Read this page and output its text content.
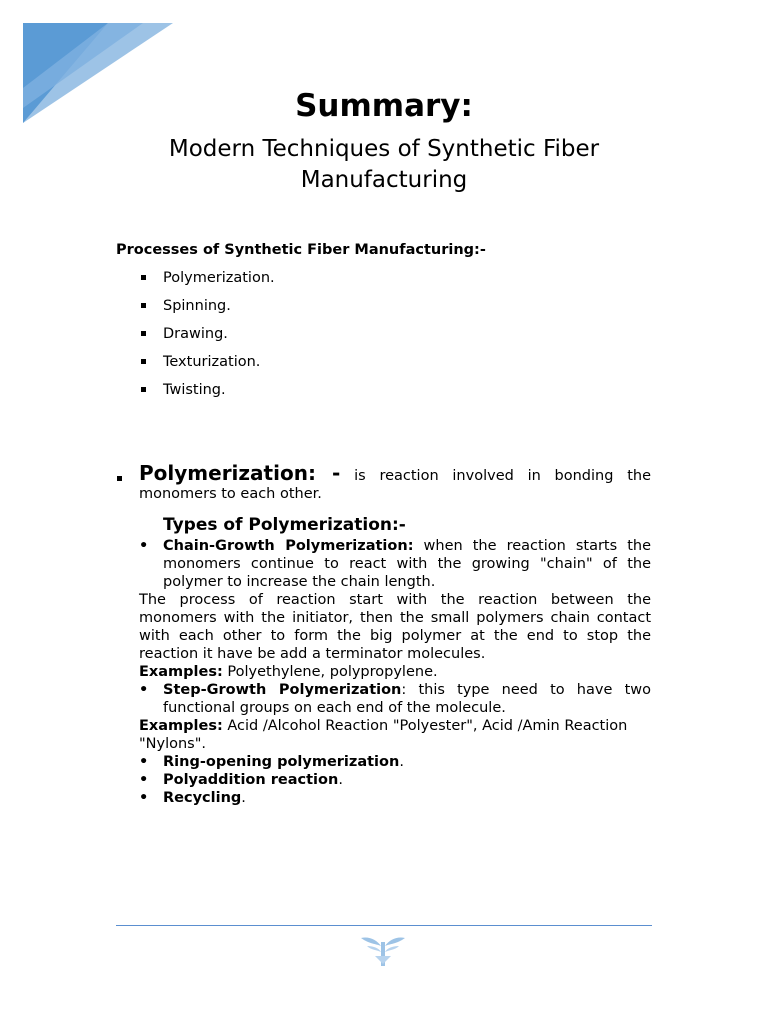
Summary:
Modern Techniques of Synthetic Fiber
Manufacturing
Processes of Synthetic Fiber Manufacturing:-
Polymerization.
Spinning.
Drawing.
Texturization.
Twisting.

Polymerization: - is reaction involved in bonding the monomers to each other.

Types of Polymerization:-

• Chain-Growth Polymerization: when the reaction starts the monomers continue to react with the growing "chain" of the polymer to increase the chain length.

The process of reaction start with the reaction between the monomers with the initiator, then the small polymers chain contact with each other to form the big polymer at the end to stop the reaction it have be add a terminator molecules.

Examples: Polyethylene, polypropylene.

• Step-Growth Polymerization: this type need to have two functional groups on each end of the molecule.

Examples: Acid /Alcohol Reaction "Polyester", Acid /Amin Reaction "Nylons".

• Ring-opening polymerization.

• Polyaddition reaction.

• Recycling.
